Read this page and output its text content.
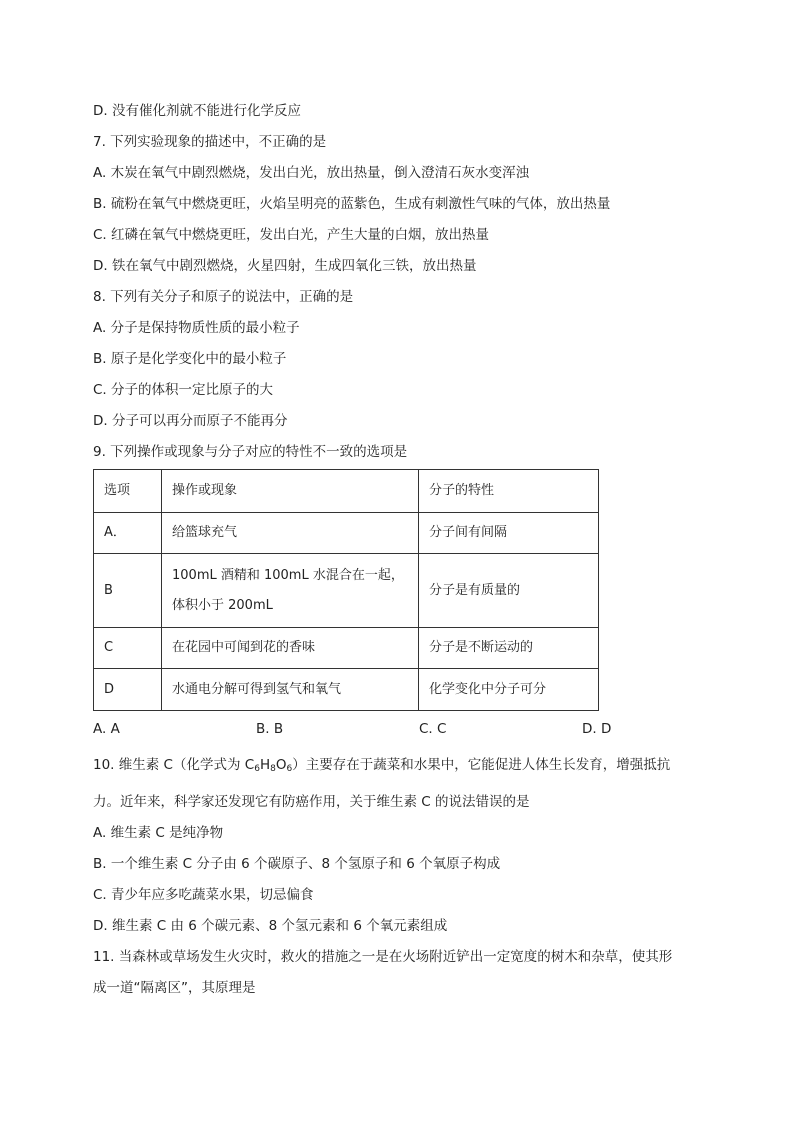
D. 没有催化剂就不能进行化学反应
7. 下列实验现象的描述中，不正确的是
A. 木炭在氧气中剧烈燃烧，发出白光，放出热量，倒入澄清石灰水变浑浊
B. 硫粉在氧气中燃烧更旺，火焰呈明亮的蓝紫色，生成有刺激性气味的气体，放出热量
C. 红磷在氧气中燃烧更旺，发出白光，产生大量的白烟，放出热量
D. 铁在氧气中剧烈燃烧，火星四射，生成四氧化三铁，放出热量
8. 下列有关分子和原子的说法中，正确的是
A. 分子是保持物质性质的最小粒子
B. 原子是化学变化中的最小粒子
C. 分子的体积一定比原子的大
D. 分子可以再分而原子不能再分
9. 下列操作或现象与分子对应的特性不一致的选项是
选项	操作或现象	分子的特性
A．	给篮球充气	分子间有间隔
B	100mL 酒精和 100mL 水混合在一起，
体积小于 200mL	分子是有质量的
C	在花园中可闻到花的香味	分子是不断运动的
D	水通电分解可得到氢气和氧气	化学变化中分子可分
A. A	B. B	C. C	D. D
10. 维生素 C（化学式为 $C_6H_8O_6$）主要存在于蔬菜和水果中，它能促进人体生长发育，增强抵抗
力。近年来，科学家还发现它有防癌作用，关于维生素 C 的说法错误的是
A. 维生素 C 是纯净物
B. 一个维生素 C 分子由 6 个碳原子、8 个氢原子和 6 个氧原子构成
C. 青少年应多吃蔬菜水果，切忌偏食
D. 维生素 C 由 6 个碳元素、8 个氢元素和 6 个氧元素组成
11. 当森林或草场发生火灾时，救火的措施之一是在火场附近铲出一定宽度的树木和杂草，使其形
成一道“隔离区”，其原理是
